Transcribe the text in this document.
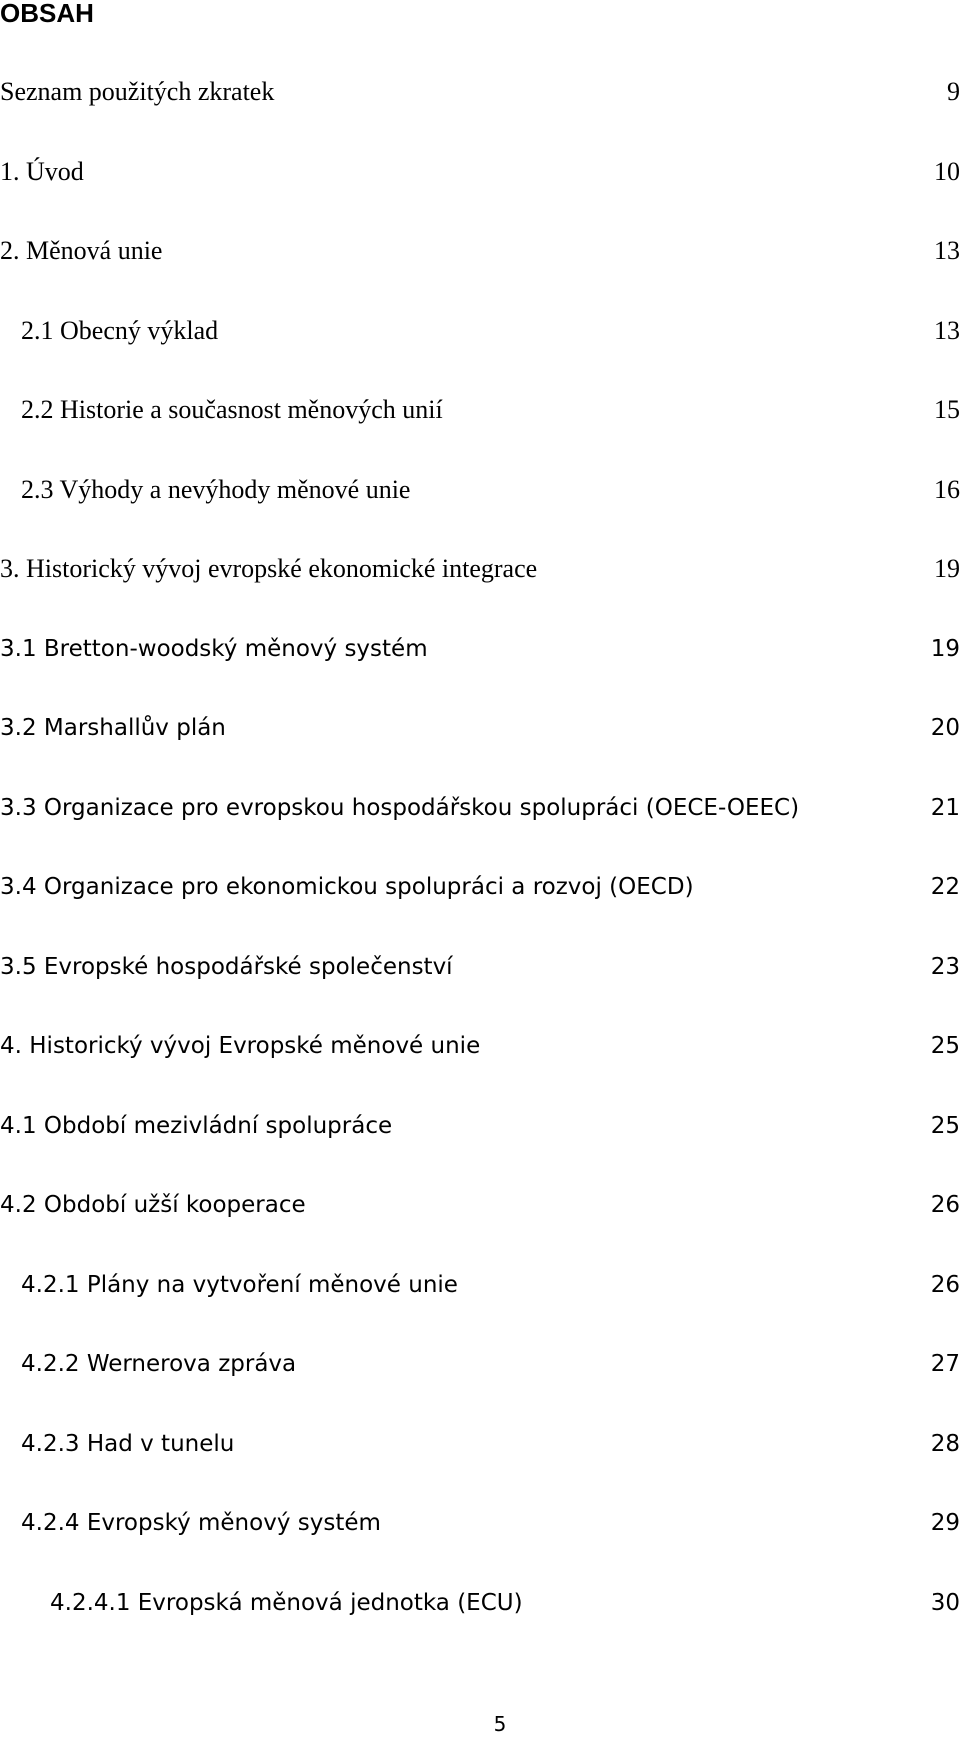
OBSAH
Seznam použitých zkratek	9
1. Úvod	10
2. Měnová unie	13
2.1 Obecný výklad	13
2.2 Historie a současnost měnových unií	15
2.3 Výhody a nevýhody měnové unie	16
3. Historický vývoj evropské ekonomické integrace	19
3.1 Bretton-woodský měnový systém	19
3.2 Marshallův plán	20
3.3 Organizace pro evropskou hospodářskou spolupráci (OECE-OEEC)	21
3.4 Organizace pro ekonomickou spolupráci a rozvoj (OECD)	22
3.5 Evropské hospodářské společenství	23
4. Historický vývoj Evropské měnové unie	25
4.1 Období mezivládní spolupráce	25
4.2 Období užší kooperace	26
4.2.1 Plány na vytvoření měnové unie	26
4.2.2 Wernerova zpráva	27
4.2.3 Had v tunelu	28
4.2.4 Evropský měnový systém	29
4.2.4.1 Evropská měnová jednotka (ECU)	30
5
